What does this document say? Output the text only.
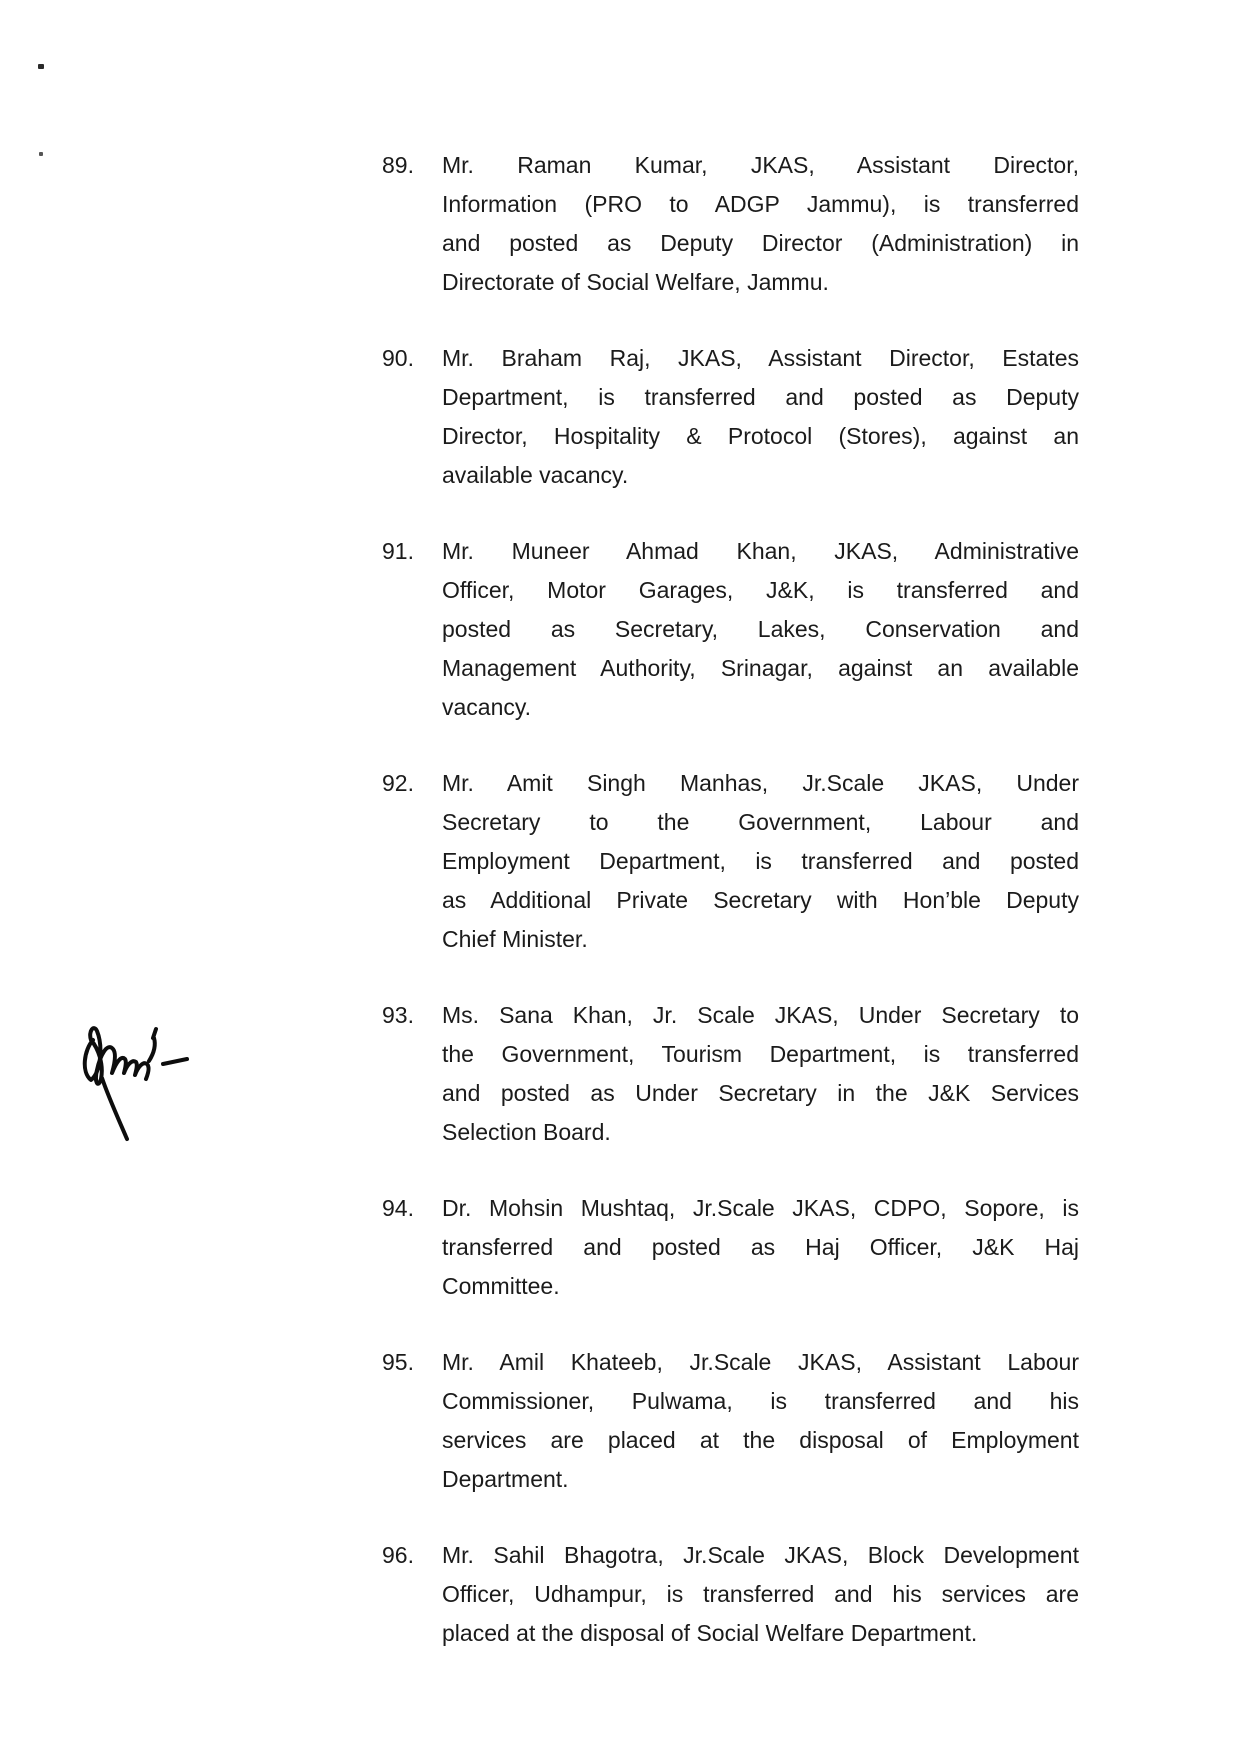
89.	Mr. Raman Kumar, JKAS, Assistant Director,
Information (PRO to ADGP Jammu), is transferred
and posted as Deputy Director (Administration) in
Directorate of Social Welfare, Jammu.
90.	Mr. Braham Raj, JKAS, Assistant Director, Estates
Department, is transferred and posted as Deputy
Director, Hospitality & Protocol (Stores), against an
available vacancy.
91.	Mr. Muneer Ahmad Khan, JKAS, Administrative
Officer, Motor Garages, J&K, is transferred and
posted as Secretary, Lakes, Conservation and
Management Authority, Srinagar, against an available
vacancy.
92.	Mr. Amit Singh Manhas, Jr.Scale JKAS, Under
Secretary to the Government, Labour and
Employment Department, is transferred and posted
as Additional Private Secretary with Hon’ble Deputy
Chief Minister.
93.	Ms. Sana Khan, Jr. Scale JKAS, Under Secretary to
the Government, Tourism Department, is transferred
and posted as Under Secretary in the J&K Services
Selection Board.
94.	Dr. Mohsin Mushtaq, Jr.Scale JKAS, CDPO, Sopore, is
transferred and posted as Haj Officer, J&K Haj
Committee.
95.	Mr. Amil Khateeb, Jr.Scale JKAS, Assistant Labour
Commissioner, Pulwama, is transferred and his
services are placed at the disposal of Employment
Department.
96.	Mr. Sahil Bhagotra, Jr.Scale JKAS, Block Development
Officer, Udhampur, is transferred and his services are
placed at the disposal of Social Welfare Department.
